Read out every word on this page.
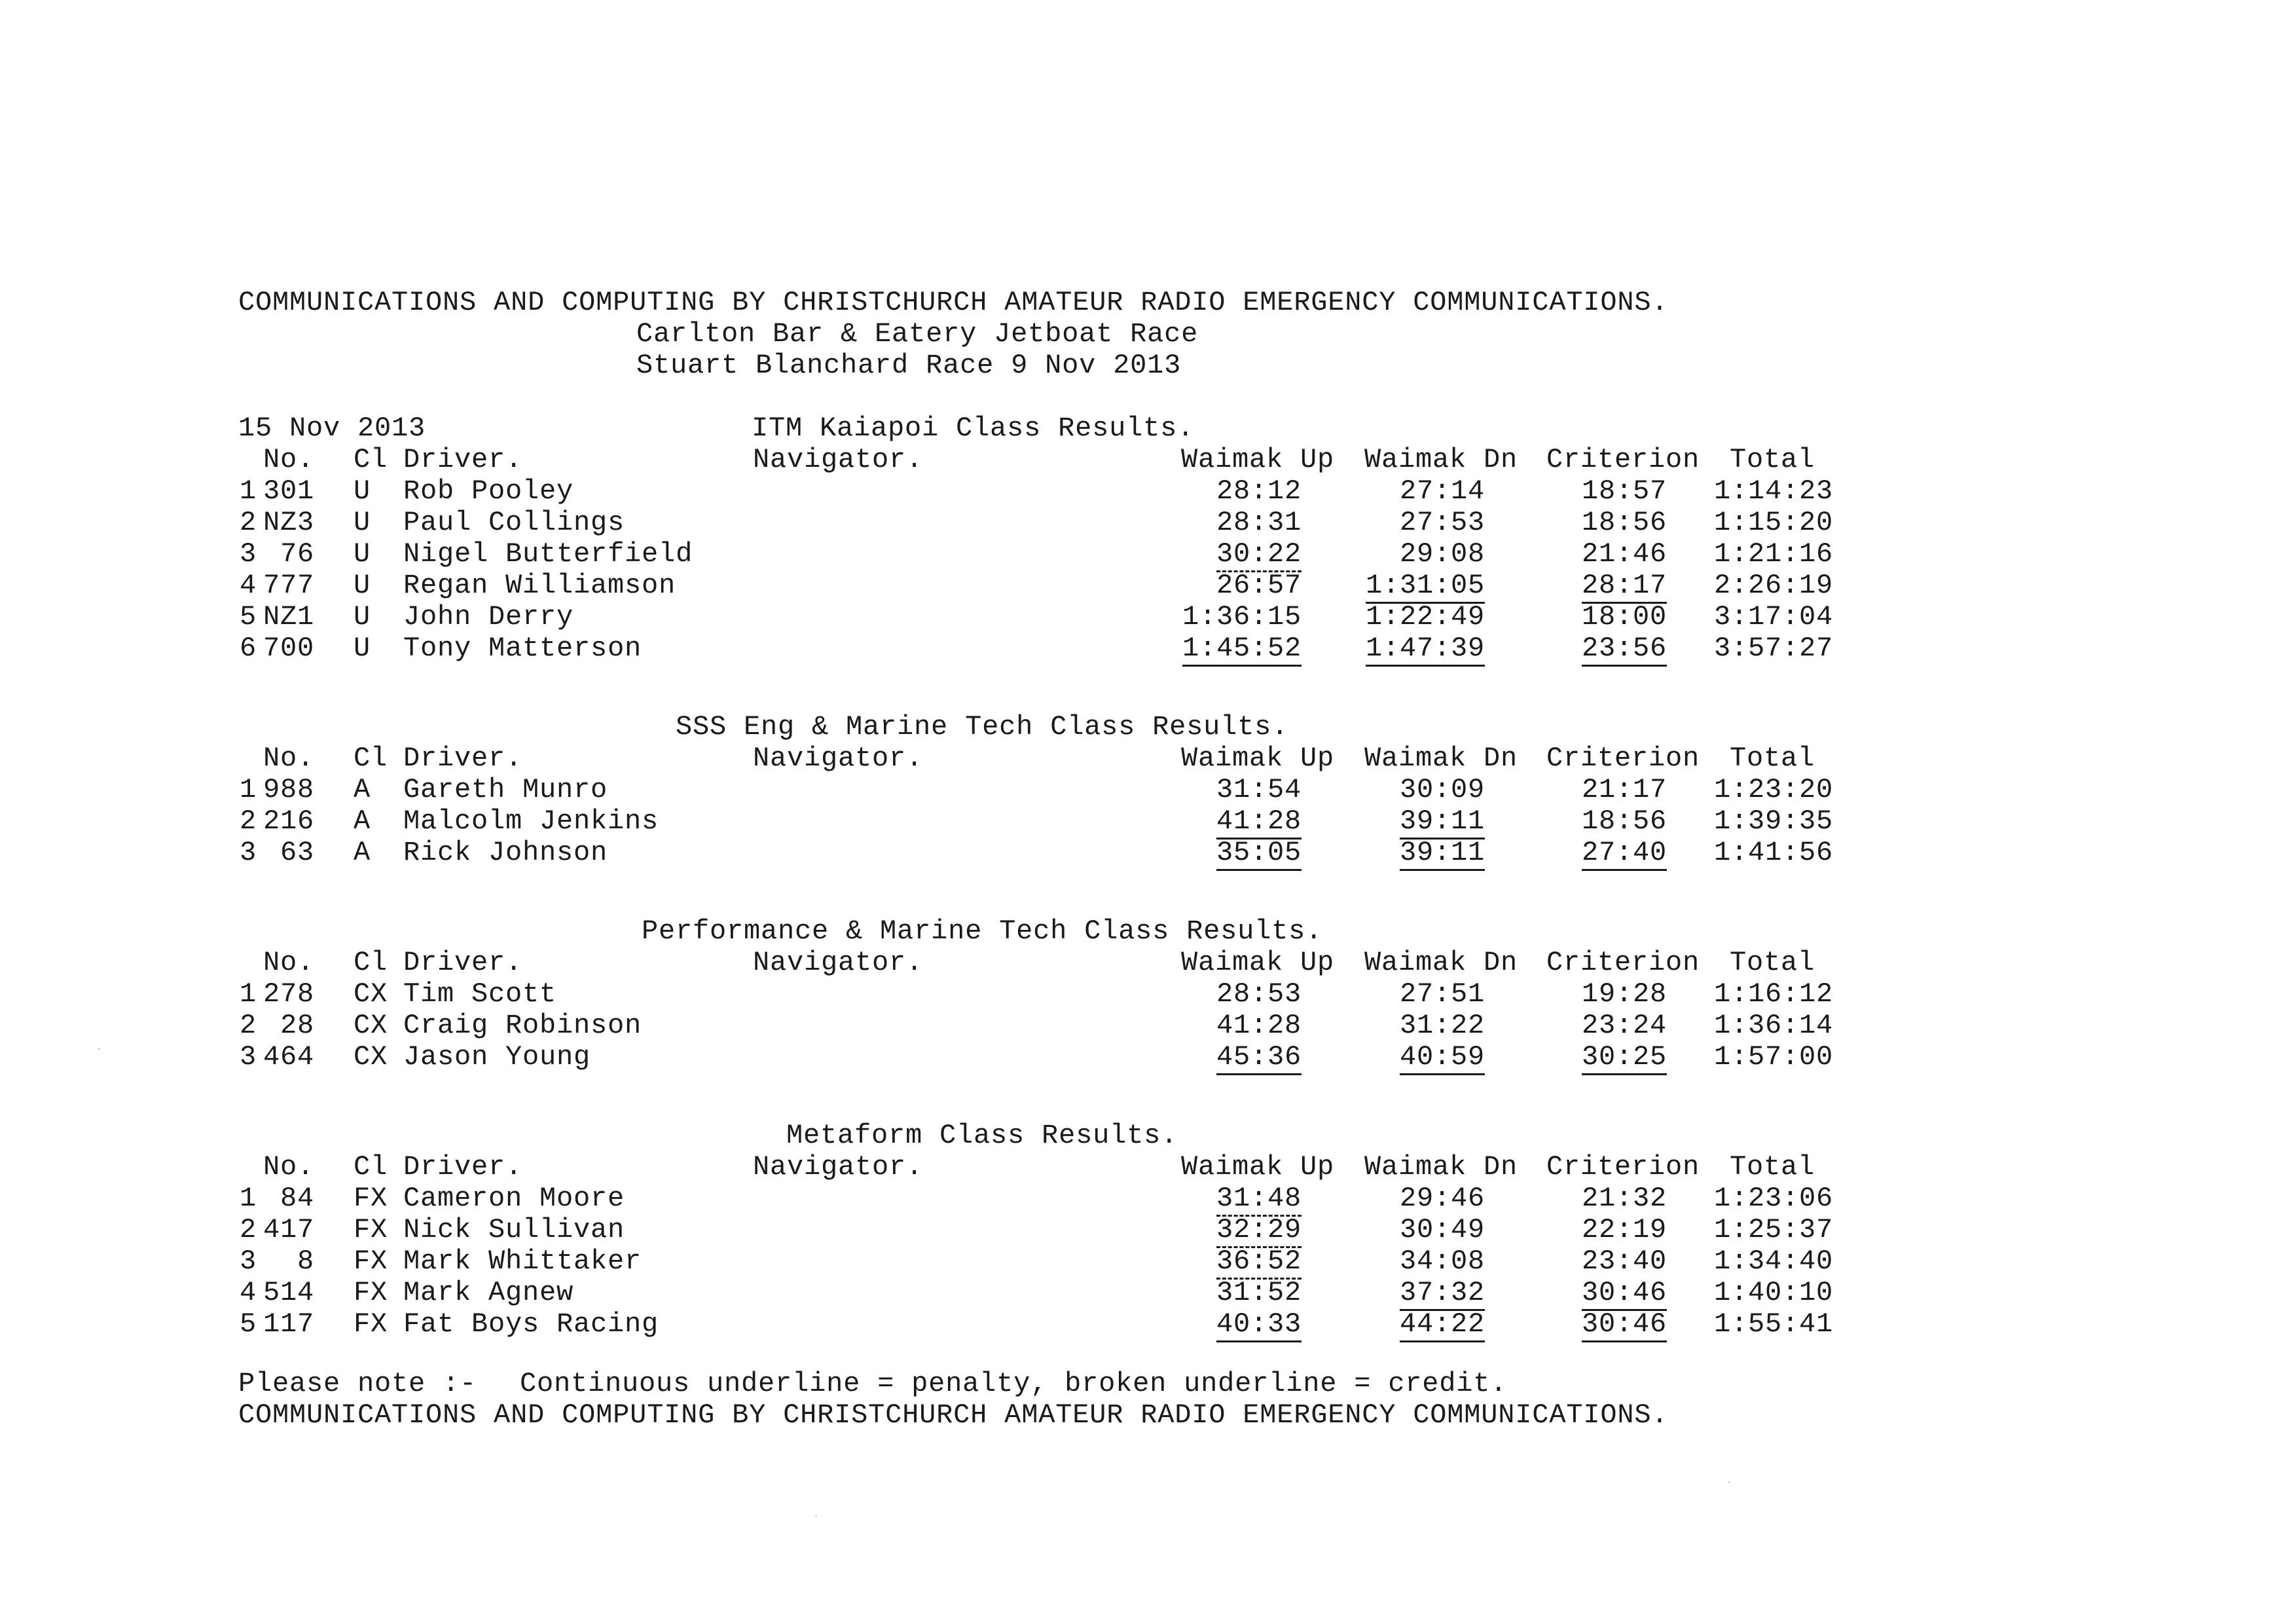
COMMUNICATIONS AND COMPUTING BY CHRISTCHURCH AMATEUR RADIO EMERGENCY COMMUNICATIONS.
Carlton Bar & Eatery Jetboat Race
Stuart Blanchard Race 9 Nov 2013
15 Nov 2013	ITM Kaiapoi Class Results.
No. Cl Driver.	Navigator.	Waimak Up	Waimak Dn	Criterion	Total
1 301 U Rob Pooley	28:12	27:14	18:57	1:14:23
2 NZ3 U Paul Collings	28:31	27:53	18:56	1:15:20
3 76 U Nigel Butterfield	30:22	29:08	21:46	1:21:16
4 777 U Regan Williamson	26:57	1:31:05	28:17	2:26:19
5 NZ1 U John Derry	1:36:15	1:22:49	18:00	3:17:04
6 700 U Tony Matterson	1:45:52	1:47:39	23:56	3:57:27
SSS Eng & Marine Tech Class Results.
No. Cl Driver.	Navigator.	Waimak Up	Waimak Dn	Criterion	Total
1 988 A Gareth Munro	31:54	30:09	21:17	1:23:20
2 216 A Malcolm Jenkins	41:28	39:11	18:56	1:39:35
3 63 A Rick Johnson	35:05	39:11	27:40	1:41:56
Performance & Marine Tech Class Results.
No. Cl Driver.	Navigator.	Waimak Up	Waimak Dn	Criterion	Total
1 278 CX Tim Scott	28:53	27:51	19:28	1:16:12
2 28 CX Craig Robinson	41:28	31:22	23:24	1:36:14
3 464 CX Jason Young	45:36	40:59	30:25	1:57:00
Metaform Class Results.
No. Cl Driver.	Navigator.	Waimak Up	Waimak Dn	Criterion	Total
1 84 FX Cameron Moore	31:48	29:46	21:32	1:23:06
2 417 FX Nick Sullivan	32:29	30:49	22:19	1:25:37
3	8 FX Mark Whittaker	36:52	34:08	23:40	1:34:40
4 514 FX Mark Agnew	31:52	37:32	30:46	1:40:10
5 117 FX Fat Boys Racing	40:33	44:22	30:46	1:55:41

Please note :-

Continuous underline = penalty, broken underline = credit.

COMMUNICATIONS AND COMPUTING BY CHRISTCHURCH AMATEUR RADIO EMERGENCY COMMUNICATIONS.
